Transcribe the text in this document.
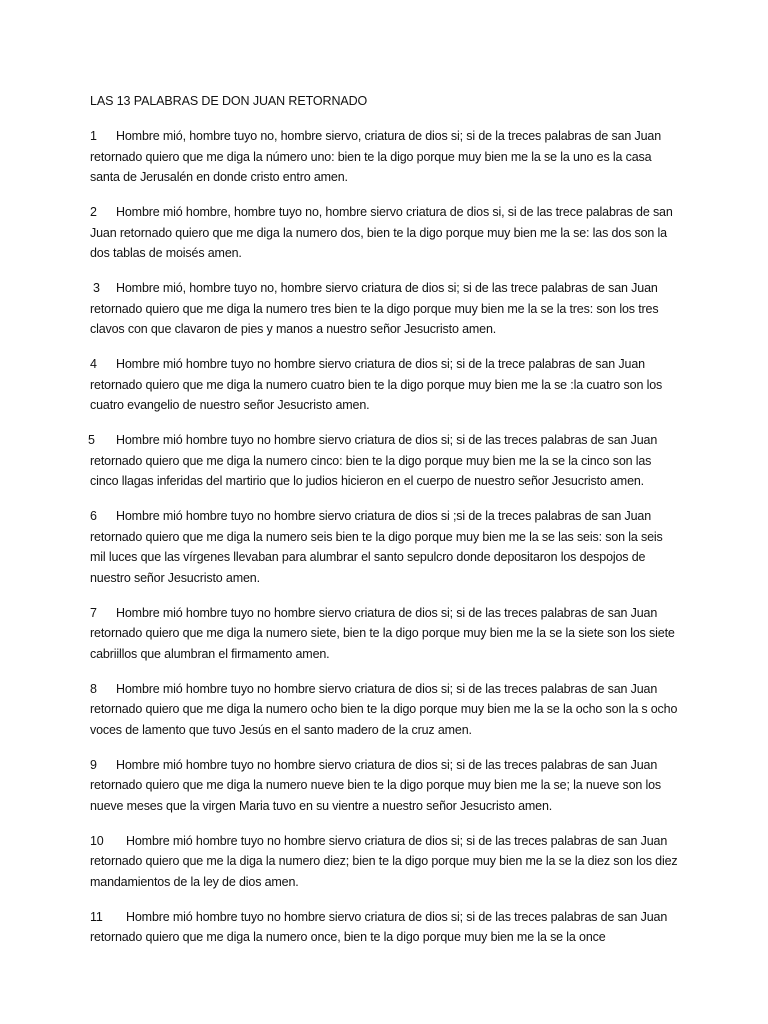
LAS 13 PALABRAS DE DON JUAN RETORNADO

1 Hombre mió, hombre tuyo no, hombre siervo, criatura de dios si; si de la treces palabras de san Juan retornado quiero que me diga la número uno: bien te la digo porque muy bien me la se la uno es la casa santa de Jerusalén en donde cristo entro amen.

2 Hombre mió hombre, hombre tuyo no, hombre siervo criatura de dios si, si de las trece palabras de san Juan retornado quiero que me diga la numero dos, bien te la digo porque muy bien me la se: las dos son la dos tablas de moisés amen.

3 Hombre mió, hombre tuyo no, hombre siervo criatura de dios si; si de las trece palabras de san Juan retornado quiero que me diga la numero tres bien te la digo porque muy bien me la se la tres: son los tres clavos con que clavaron de pies y manos a nuestro señor Jesucristo amen.

4 Hombre mió hombre tuyo no hombre siervo criatura de dios si; si de la trece palabras de san Juan retornado quiero que me diga la numero cuatro bien te la digo porque muy bien me la se :la cuatro son los cuatro evangelio de nuestro señor Jesucristo amen.

5 Hombre mió hombre tuyo no hombre siervo criatura de dios si; si de las treces palabras de san Juan retornado quiero que me diga la numero cinco: bien te la digo porque muy bien me la se la cinco son las cinco llagas inferidas del martirio que lo judios hicieron en el cuerpo de nuestro señor Jesucristo amen.

6 Hombre mió hombre tuyo no hombre siervo criatura de dios si ;si de la treces palabras de san Juan retornado quiero que me diga la numero seis bien te la digo porque muy bien me la se las seis: son la seis mil luces que las vírgenes llevaban para alumbrar el santo sepulcro donde depositaron los despojos de nuestro señor Jesucristo amen.

7 Hombre mió hombre tuyo no hombre siervo criatura de dios si; si de las treces palabras de san Juan retornado quiero que me diga la numero siete, bien te la digo porque muy bien me la se la siete son los siete cabriillos que alumbran el firmamento amen.

8 Hombre mió hombre tuyo no hombre siervo criatura de dios si; si de las treces palabras de san Juan retornado quiero que me diga la numero ocho bien te la digo porque muy bien me la se la ocho son la s ocho voces de lamento que tuvo Jesús en el santo madero de la cruz amen.

9 Hombre mió hombre tuyo no hombre siervo criatura de dios si; si de las treces palabras de san Juan retornado quiero que me diga la numero nueve bien te la digo porque muy bien me la se; la nueve son los nueve meses que la virgen Maria tuvo en su vientre a nuestro señor Jesucristo amen.

10 Hombre mió hombre tuyo no hombre siervo criatura de dios si; si de las treces palabras de san Juan retornado quiero que me la diga la numero diez; bien te la digo porque muy bien me la se la diez son los diez mandamientos de la ley de dios amen.

11 Hombre mió hombre tuyo no hombre siervo criatura de dios si; si de las treces palabras de san Juan retornado quiero que me diga la numero once, bien te la digo porque muy bien me la se la once
